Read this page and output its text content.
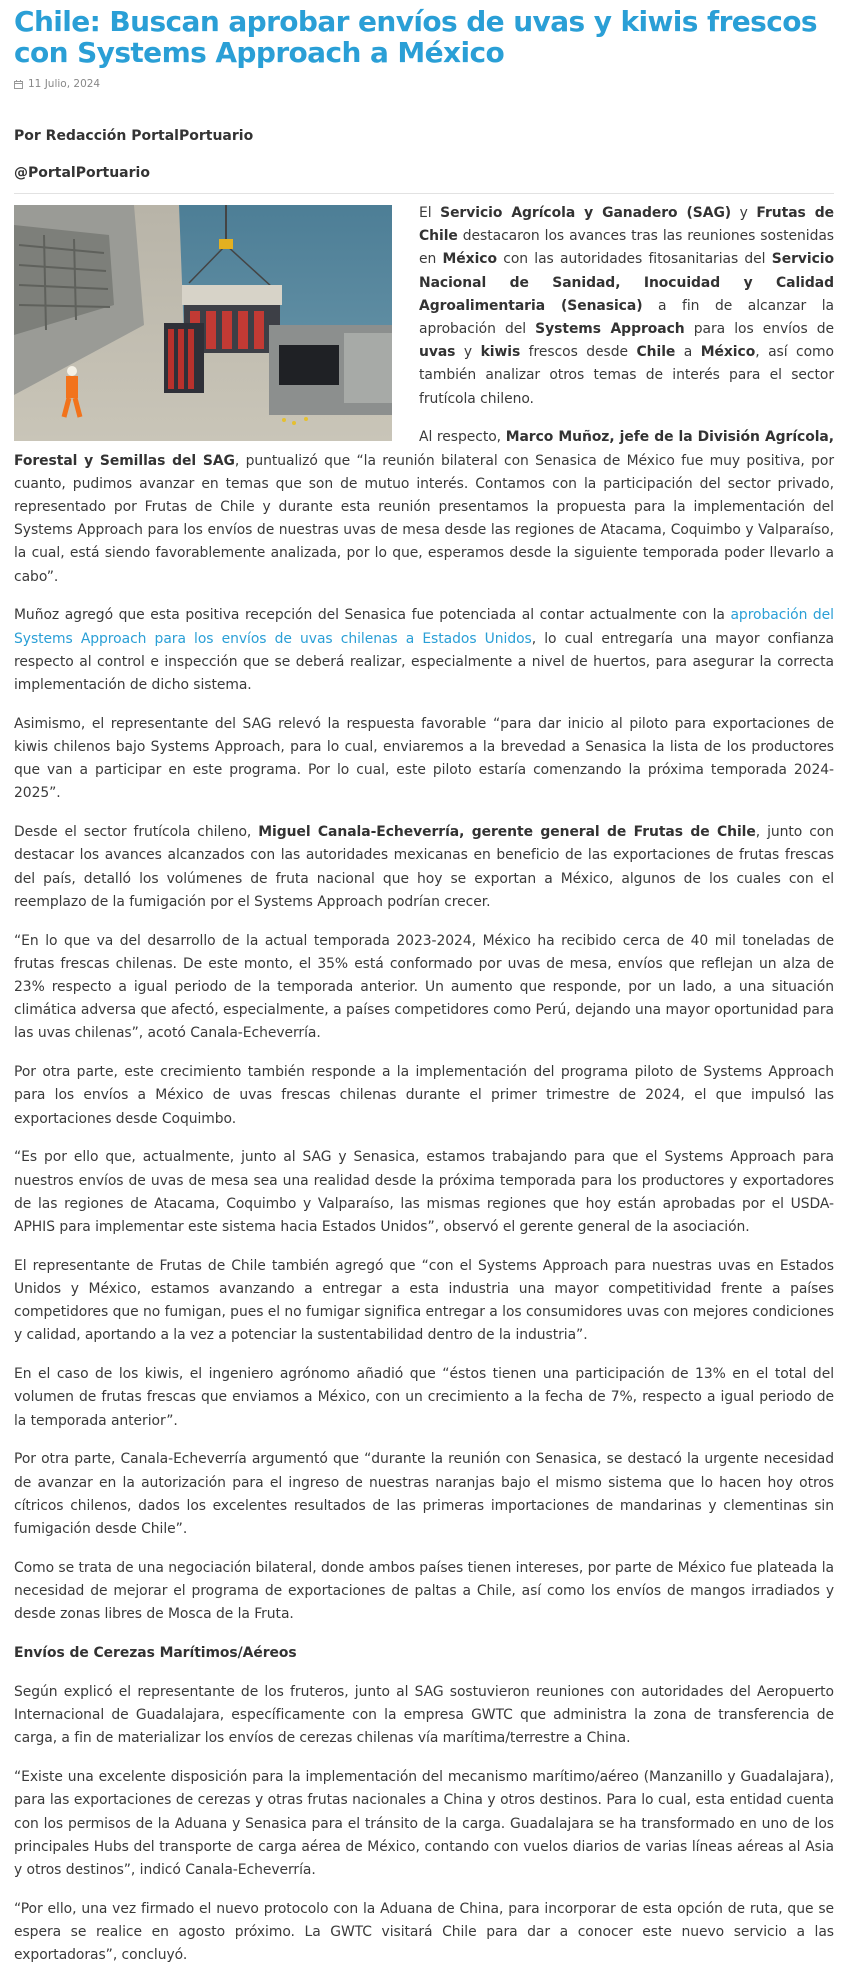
Chile: Buscan aprobar envíos de uvas y kiwis frescos con Systems Approach a México
11 Julio, 2024
Por Redacción PortalPortuario
@PortalPortuario

El Servicio Agrícola y Ganadero (SAG) y Frutas de Chile destacaron los avances tras las reuniones sostenidas en México con las autoridades fitosanitarias del Servicio Nacional de Sanidad, Inocuidad y Calidad Agroalimentaria (Senasica) a fin de alcanzar la aprobación del Systems Approach para los envíos de uvas y kiwis frescos desde Chile a México, así como también analizar otros temas de interés para el sector frutícola chileno.

Al respecto, Marco Muñoz, jefe de la División Agrícola, Forestal y Semillas del SAG, puntualizó que “la reunión bilateral con Senasica de México fue muy positiva, por cuanto, pudimos avanzar en temas que son de mutuo interés. Contamos con la participación del sector privado, representado por Frutas de Chile y durante esta reunión presentamos la propuesta para la implementación del Systems Approach para los envíos de nuestras uvas de mesa desde las regiones de Atacama, Coquimbo y Valparaíso, la cual, está siendo favorablemente analizada, por lo que, esperamos desde la siguiente temporada poder llevarlo a cabo”.

Muñoz agregó que esta positiva recepción del Senasica fue potenciada al contar actualmente con la aprobación del Systems Approach para los envíos de uvas chilenas a Estados Unidos, lo cual entregaría una mayor confianza respecto al control e inspección que se deberá realizar, especialmente a nivel de huertos, para asegurar la correcta implementación de dicho sistema.

Asimismo, el representante del SAG relevó la respuesta favorable “para dar inicio al piloto para exportaciones de kiwis chilenos bajo Systems Approach, para lo cual, enviaremos a la brevedad a Senasica la lista de los productores que van a participar en este programa. Por lo cual, este piloto estaría comenzando la próxima temporada 2024-2025”.

Desde el sector frutícola chileno, Miguel Canala-Echeverría, gerente general de Frutas de Chile, junto con destacar los avances alcanzados con las autoridades mexicanas en beneficio de las exportaciones de frutas frescas del país, detalló los volúmenes de fruta nacional que hoy se exportan a México, algunos de los cuales con el reemplazo de la fumigación por el Systems Approach podrían crecer.

“En lo que va del desarrollo de la actual temporada 2023-2024, México ha recibido cerca de 40 mil toneladas de frutas frescas chilenas. De este monto, el 35% está conformado por uvas de mesa, envíos que reflejan un alza de 23% respecto a igual periodo de la temporada anterior. Un aumento que responde, por un lado, a una situación climática adversa que afectó, especialmente, a países competidores como Perú, dejando una mayor oportunidad para las uvas chilenas”, acotó Canala-Echeverría.

Por otra parte, este crecimiento también responde a la implementación del programa piloto de Systems Approach para los envíos a México de uvas frescas chilenas durante el primer trimestre de 2024, el que impulsó las exportaciones desde Coquimbo.

“Es por ello que, actualmente, junto al SAG y Senasica, estamos trabajando para que el Systems Approach para nuestros envíos de uvas de mesa sea una realidad desde la próxima temporada para los productores y exportadores de las regiones de Atacama, Coquimbo y Valparaíso, las mismas regiones que hoy están aprobadas por el USDA-APHIS para implementar este sistema hacia Estados Unidos”, observó el gerente general de la asociación.

El representante de Frutas de Chile también agregó que “con el Systems Approach para nuestras uvas en Estados Unidos y México, estamos avanzando a entregar a esta industria una mayor competitividad frente a países competidores que no fumigan, pues el no fumigar significa entregar a los consumidores uvas con mejores condiciones y calidad, aportando a la vez a potenciar la sustentabilidad dentro de la industria”.

En el caso de los kiwis, el ingeniero agrónomo añadió que “éstos tienen una participación de 13% en el total del volumen de frutas frescas que enviamos a México, con un crecimiento a la fecha de 7%, respecto a igual periodo de la temporada anterior”.

Por otra parte, Canala-Echeverría argumentó que “durante la reunión con Senasica, se destacó la urgente necesidad de avanzar en la autorización para el ingreso de nuestras naranjas bajo el mismo sistema que lo hacen hoy otros cítricos chilenos, dados los excelentes resultados de las primeras importaciones de mandarinas y clementinas sin fumigación desde Chile”.

Como se trata de una negociación bilateral, donde ambos países tienen intereses, por parte de México fue plateada la necesidad de mejorar el programa de exportaciones de paltas a Chile, así como los envíos de mangos irradiados y desde zonas libres de Mosca de la Fruta.

Envíos de Cerezas Marítimos/Aéreos

Según explicó el representante de los fruteros, junto al SAG sostuvieron reuniones con autoridades del Aeropuerto Internacional de Guadalajara, específicamente con la empresa GWTC que administra la zona de transferencia de carga, a fin de materializar los envíos de cerezas chilenas vía marítima/terrestre a China.

“Existe una excelente disposición para la implementación del mecanismo marítimo/aéreo (Manzanillo y Guadalajara), para las exportaciones de cerezas y otras frutas nacionales a China y otros destinos. Para lo cual, esta entidad cuenta con los permisos de la Aduana y Senasica para el tránsito de la carga. Guadalajara se ha transformado en uno de los principales Hubs del transporte de carga aérea de México, contando con vuelos diarios de varias líneas aéreas al Asia y otros destinos”, indicó Canala-Echeverría.

“Por ello, una vez firmado el nuevo protocolo con la Aduana de China, para incorporar de esta opción de ruta, que se espera se realice en agosto próximo. La GWTC visitará Chile para dar a conocer este nuevo servicio a las exportadoras”, concluyó.
